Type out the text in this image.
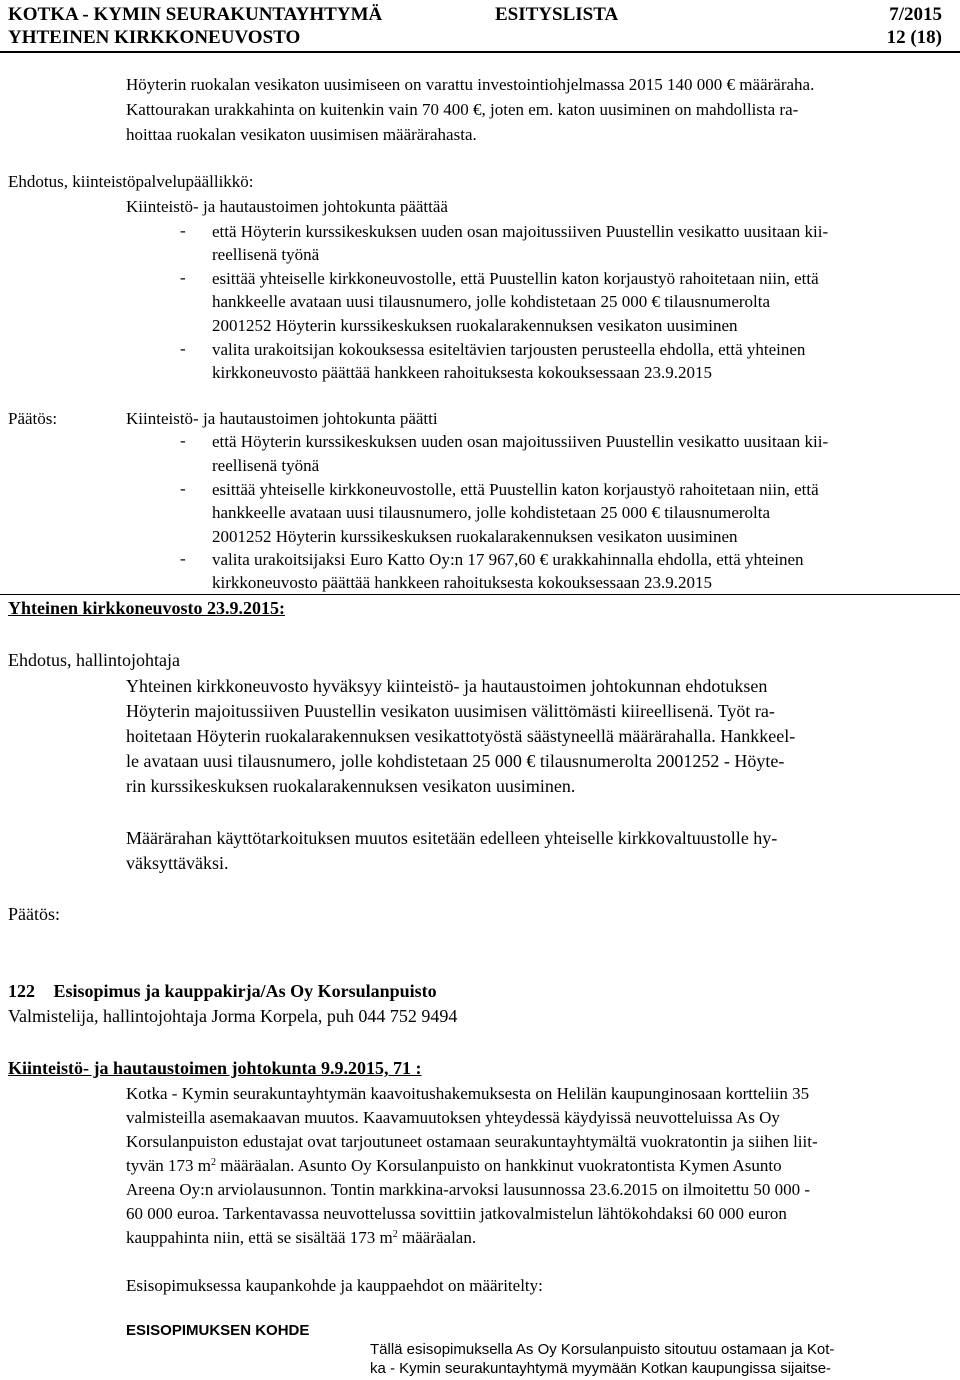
KOTKA - KYMIN SEURAKUNTAYHTYMÄ	ESITYSLISTA	7/2015
YHTEINEN KIRKKONEUVOSTO	12 (18)
Höyterin ruokalan vesikaton uusimiseen on varattu investointiohjelmassa 2015 140 000 € määräraha.
Kattourakan urakkahinta on kuitenkin vain 70 400 €, joten em. katon uusiminen on mahdollista ra-
hoittaa ruokalan vesikaton uusimisen määrärahasta.
Ehdotus, kiinteistöpalvelupäällikkö:
Kiinteistö- ja hautaustoimen johtokunta päättää
- että Höyterin kurssikeskuksen uuden osan majoitussiiven Puustellin vesikatto uusitaan kii-
reellisenä työnä
- esittää yhteiselle kirkkoneuvostolle, että Puustellin katon korjaustyö rahoitetaan niin, että
hankkeelle avataan uusi tilausnumero, jolle kohdistetaan 25 000 € tilausnumerolta
2001252 Höyterin kurssikeskuksen ruokalarakennuksen vesikaton uusiminen
- valita urakoitsijan kokouksessa esiteltävien tarjousten perusteella ehdolla, että yhteinen
kirkkoneuvosto päättää hankkeen rahoituksesta kokouksessaan 23.9.2015
Päätös:	Kiinteistö- ja hautaustoimen johtokunta päätti
- että Höyterin kurssikeskuksen uuden osan majoitussiiven Puustellin vesikatto uusitaan kii-
reellisenä työnä
- esittää yhteiselle kirkkoneuvostolle, että Puustellin katon korjaustyö rahoitetaan niin, että
hankkeelle avataan uusi tilausnumero, jolle kohdistetaan 25 000 € tilausnumerolta
2001252 Höyterin kurssikeskuksen ruokalarakennuksen vesikaton uusiminen
- valita urakoitsijaksi Euro Katto Oy:n 17 967,60 € urakkahinnalla ehdolla, että yhteinen
kirkkoneuvosto päättää hankkeen rahoituksesta kokouksessaan 23.9.2015
Yhteinen kirkkoneuvosto 23.9.2015:
Ehdotus, hallintojohtaja
Yhteinen kirkkoneuvosto hyväksyy kiinteistö- ja hautaustoimen johtokunnan ehdotuksen
Höyterin majoitussiiven Puustellin vesikaton uusimisen välittömästi kiireellisenä. Työt ra-
hoitetaan Höyterin ruokalarakennuksen vesikattotyöstä säästyneellä määrärahalla. Hankkeel-
le avataan uusi tilausnumero, jolle kohdistetaan 25 000 € tilausnumerolta 2001252 - Höyte-
rin kurssikeskuksen ruokalarakennuksen vesikaton uusiminen.
Määrärahan käyttötarkoituksen muutos esitetään edelleen yhteiselle kirkkovaltuustolle hy-
väksyttäväksi.
Päätös:
122 Esisopimus ja kauppakirja/As Oy Korsulanpuisto
Valmistelija, hallintojohtaja Jorma Korpela, puh 044 752 9494
Kiinteistö- ja hautaustoimen johtokunta 9.9.2015, 71 :
Kotka - Kymin seurakuntayhtymän kaavoitushakemuksesta on Helilän kaupunginosaan kortteliin 35
valmisteilla asemakaavan muutos. Kaavamuutoksen yhteydessä käydyissä neuvotteluissa As Oy
Korsulanpuiston edustajat ovat tarjoutuneet ostamaan seurakuntayhtymältä vuokratontin ja siihen liit-
tyvän 173 $m^2$ määräalan. Asunto Oy Korsulanpuisto on hankkinut vuokratontista Kymen Asunto
Areena Oy:n arviolausunnon. Tontin markkina-arvoksi lausunnossa 23.6.2015 on ilmoitettu 50 000 -
60 000 euroa. Tarkentavassa neuvottelussa sovittiin jatkovalmistelun lähtökohdaksi 60 000 euron
kauppahinta niin, että se sisältää 173 $m^2$ määräalan.
Esisopimuksessa kaupankohde ja kauppaehdot on määritelty:
ESISOPIMUKSEN KOHDE
Tällä esisopimuksella As Oy Korsulanpuisto sitoutuu ostamaan ja Kot-
ka - Kymin seurakuntayhtymä myymään Kotkan kaupungissa sijaitse-
